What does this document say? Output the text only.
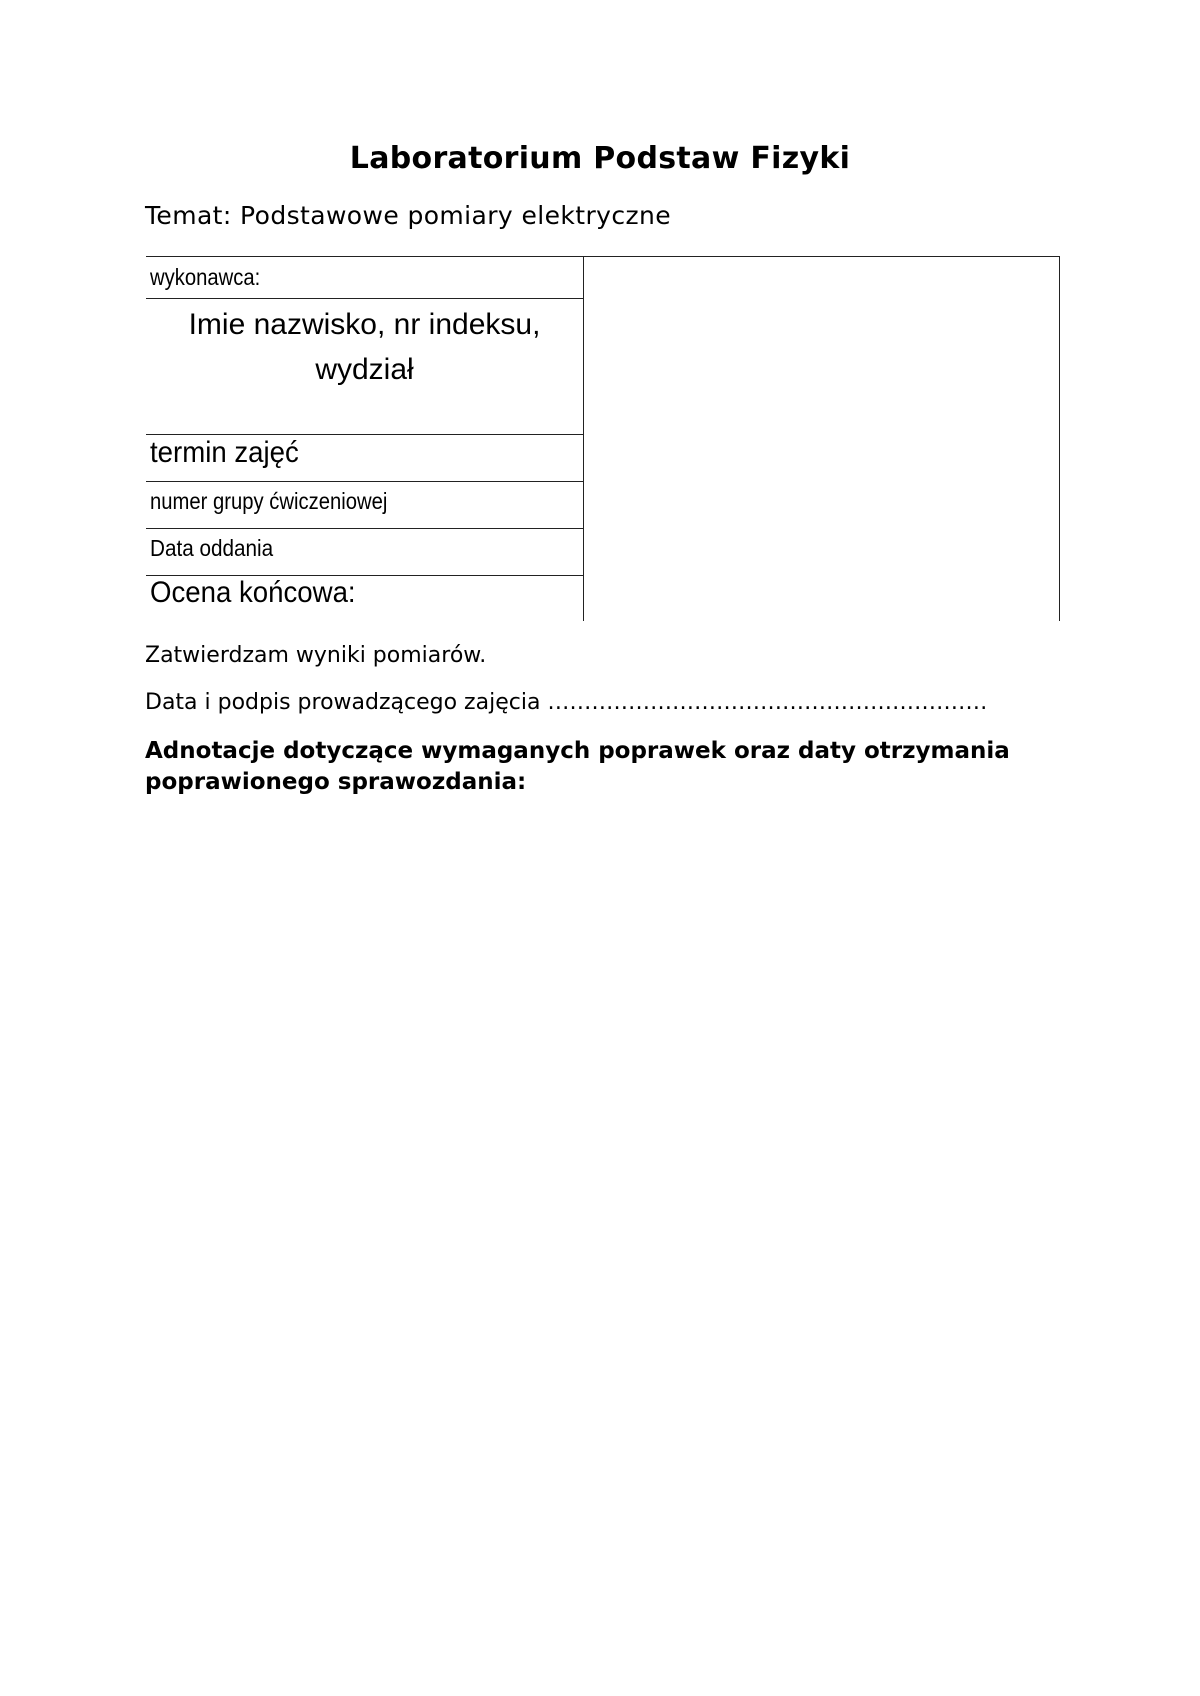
Laboratorium Podstaw Fizyki
Temat: Podstawowe pomiary elektryczne
wykonawca:
Imie nazwisko, nr indeksu, wydział
termin zajęć
numer grupy ćwiczeniowej
Data oddania
Ocena końcowa:
Zatwierdzam wyniki pomiarów.
Data i podpis prowadzącego zajęcia ……………………………………………………
Adnotacje dotyczące wymaganych poprawek oraz daty otrzymania poprawionego sprawozdania:
